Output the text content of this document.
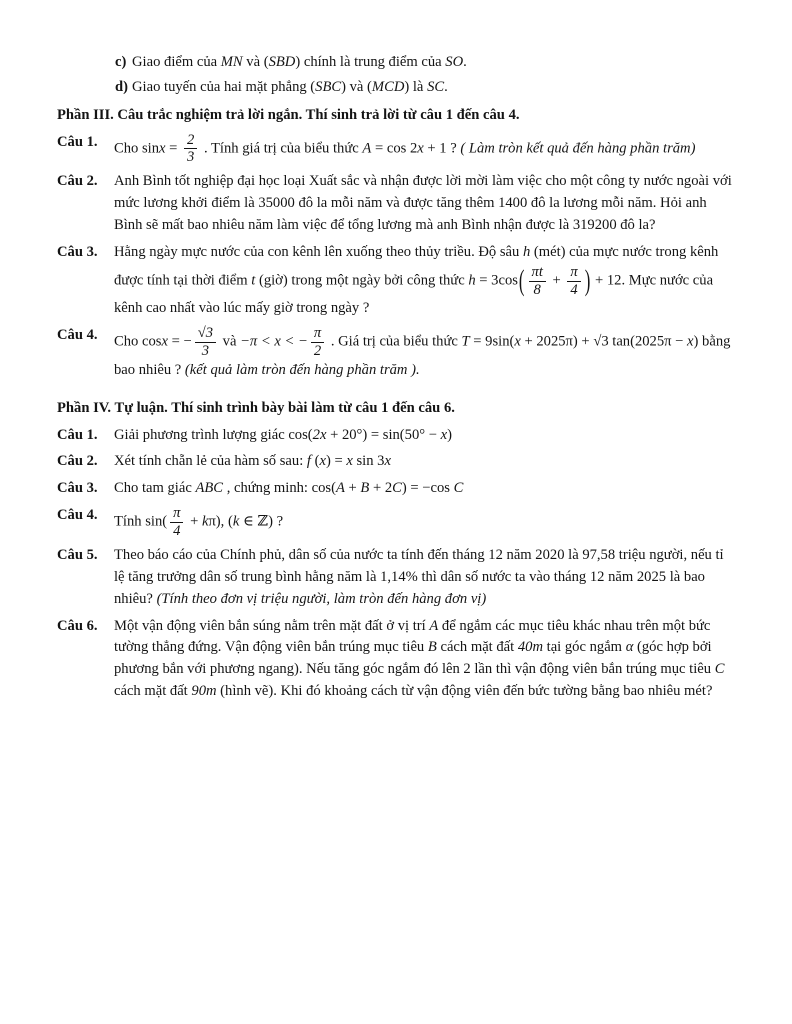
c) Giao điểm của MN và (SBD) chính là trung điểm của SO.
d) Giao tuyến của hai mặt phẳng (SBC) và (MCD) là SC.
Phần III. Câu trắc nghiệm trả lời ngắn. Thí sinh trả lời từ câu 1 đến câu 4.
Câu 1. Cho $\sin x = \frac{2}{3}$ . Tính giá trị của biểu thức A = cos 2x + 1 ? ( Làm tròn kết quả đến hàng phần trăm)
Câu 2. Anh Bình tốt nghiệp đại học loại Xuất sắc và nhận được lời mời làm việc cho một công ty nước ngoài với mức lương khởi điểm là 35000 đô la mỗi năm và được tăng thêm 1400 đô la lương mỗi năm. Hỏi anh Bình sẽ mất bao nhiêu năm làm việc để tổng lương mà anh Bình nhận được là 319200 đô la?
Câu 3. Hằng ngày mực nước của con kênh lên xuống theo thủy triều. Độ sâu h (mét) của mực nước trong kênh được tính tại thời điểm t (giờ) trong một ngày bởi công thức $h = 3\cos( \frac{\pi t}{8} + \frac{\pi}{4}$ ) + 12. Mực nước của kênh cao nhất vào lúc mấy giờ trong ngày ?
Câu 4. Cho cosx = − $\frac{√3}{3}$ và −π < x < − $\frac{\pi}{2}$ . Giá trị của biểu thức T = 9sin(x + 2025π) + √3 tan(2025π − x) bằng bao nhiêu ? (kết quả làm tròn đến hàng phần trăm ).
Phần IV. Tự luận. Thí sinh trình bày bài làm từ câu 1 đến câu 6.
Câu 1. Giải phương trình lượng giác cos(2x + 20°) = sin(50° − x)
Câu 2. Xét tính chẵn lẻ của hàm số sau: f (x) = x sin 3x
Câu 3. Cho tam giác ABC , chứng minh: cos(A + B + 2C) = −cos C
Câu 4. Tính $\sin( \frac{\pi}{4} + k\pi)$, (k ∈ ℤ) ?
Câu 5. Theo báo cáo của Chính phủ, dân số của nước ta tính đến tháng 12 năm 2020 là 97,58 triệu người, nếu tỉ lệ tăng trưởng dân số trung bình hằng năm là 1,14% thì dân số nước ta vào tháng 12 năm 2025 là bao nhiêu? (Tính theo đơn vị triệu người, làm tròn đến hàng đơn vị)
Câu 6. Một vận động viên bắn súng nằm trên mặt đất ở vị trí A để ngắm các mục tiêu khác nhau trên một bức tường thẳng đứng. Vận động viên bắn trúng mục tiêu B cách mặt đất 40m tại góc ngắm α (góc hợp bởi phương bắn với phương ngang). Nếu tăng góc ngắm đó lên 2 lần thì vận động viên bắn trúng mục tiêu C cách mặt đất 90m (hình vẽ). Khi đó khoảng cách từ vận động viên đến bức tường bằng bao nhiêu mét?
